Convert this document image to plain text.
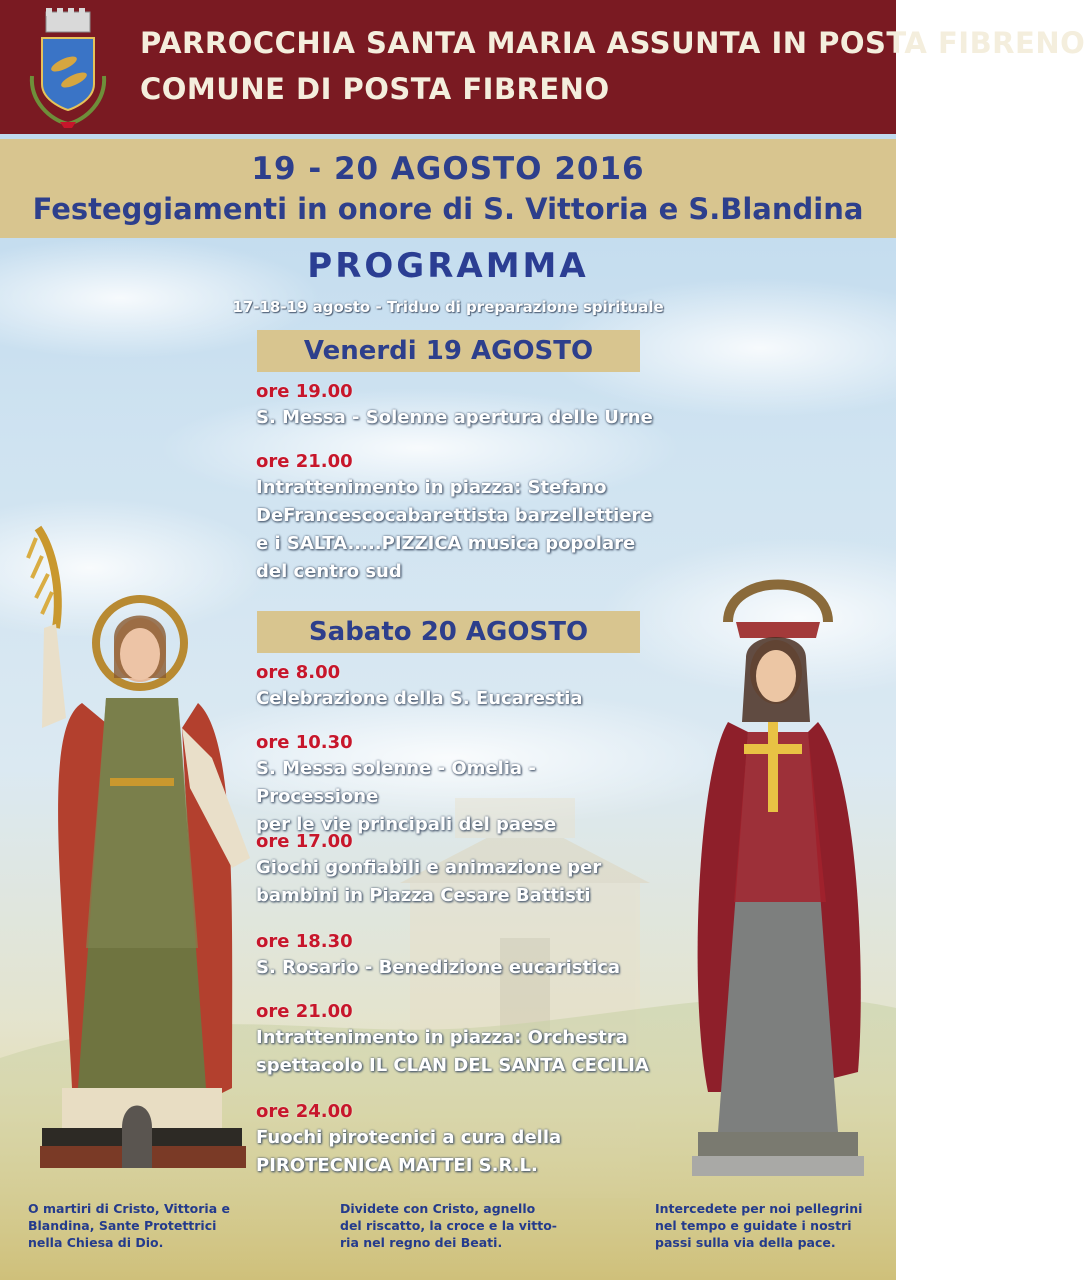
PARROCCHIA SANTA MARIA ASSUNTA IN POSTA FIBRENO
COMUNE DI POSTA FIBRENO
19 - 20 AGOSTO 2016
Festeggiamenti in onore di S. Vittoria e S.Blandina
PROGRAMMA
17-18-19 agosto - Triduo di preparazione spirituale
Venerdi 19 AGOSTO
ore 19.00
S. Messa - Solenne apertura delle Urne
ore 21.00
Intrattenimento in piazza: Stefano
DeFrancescocabarettista barzellettiere
e i SALTA.....PIZZICA musica popolare
del centro sud
Sabato 20 AGOSTO
ore 8.00
Celebrazione della S. Eucarestia
ore 10.30
S. Messa solenne - Omelia - Processione
per le vie principali del paese
ore 17.00
Giochi gonfiabili e animazione per
bambini in Piazza Cesare Battisti
ore 18.30
S. Rosario - Benedizione eucaristica
ore 21.00
Intrattenimento in piazza: Orchestra
spettacolo IL CLAN DEL SANTA CECILIA
ore 24.00
Fuochi pirotecnici a cura della
PIROTECNICA MATTEI S.R.L.
O martiri di Cristo, Vittoria e
Blandina, Sante Protettrici
nella Chiesa di Dio.
Dividete con Cristo, agnello
del riscatto, la croce e la vitto-
ria nel regno dei Beati.
Intercedete per noi pellegrini
nel tempo e guidate i nostri
passi sulla via della pace.
